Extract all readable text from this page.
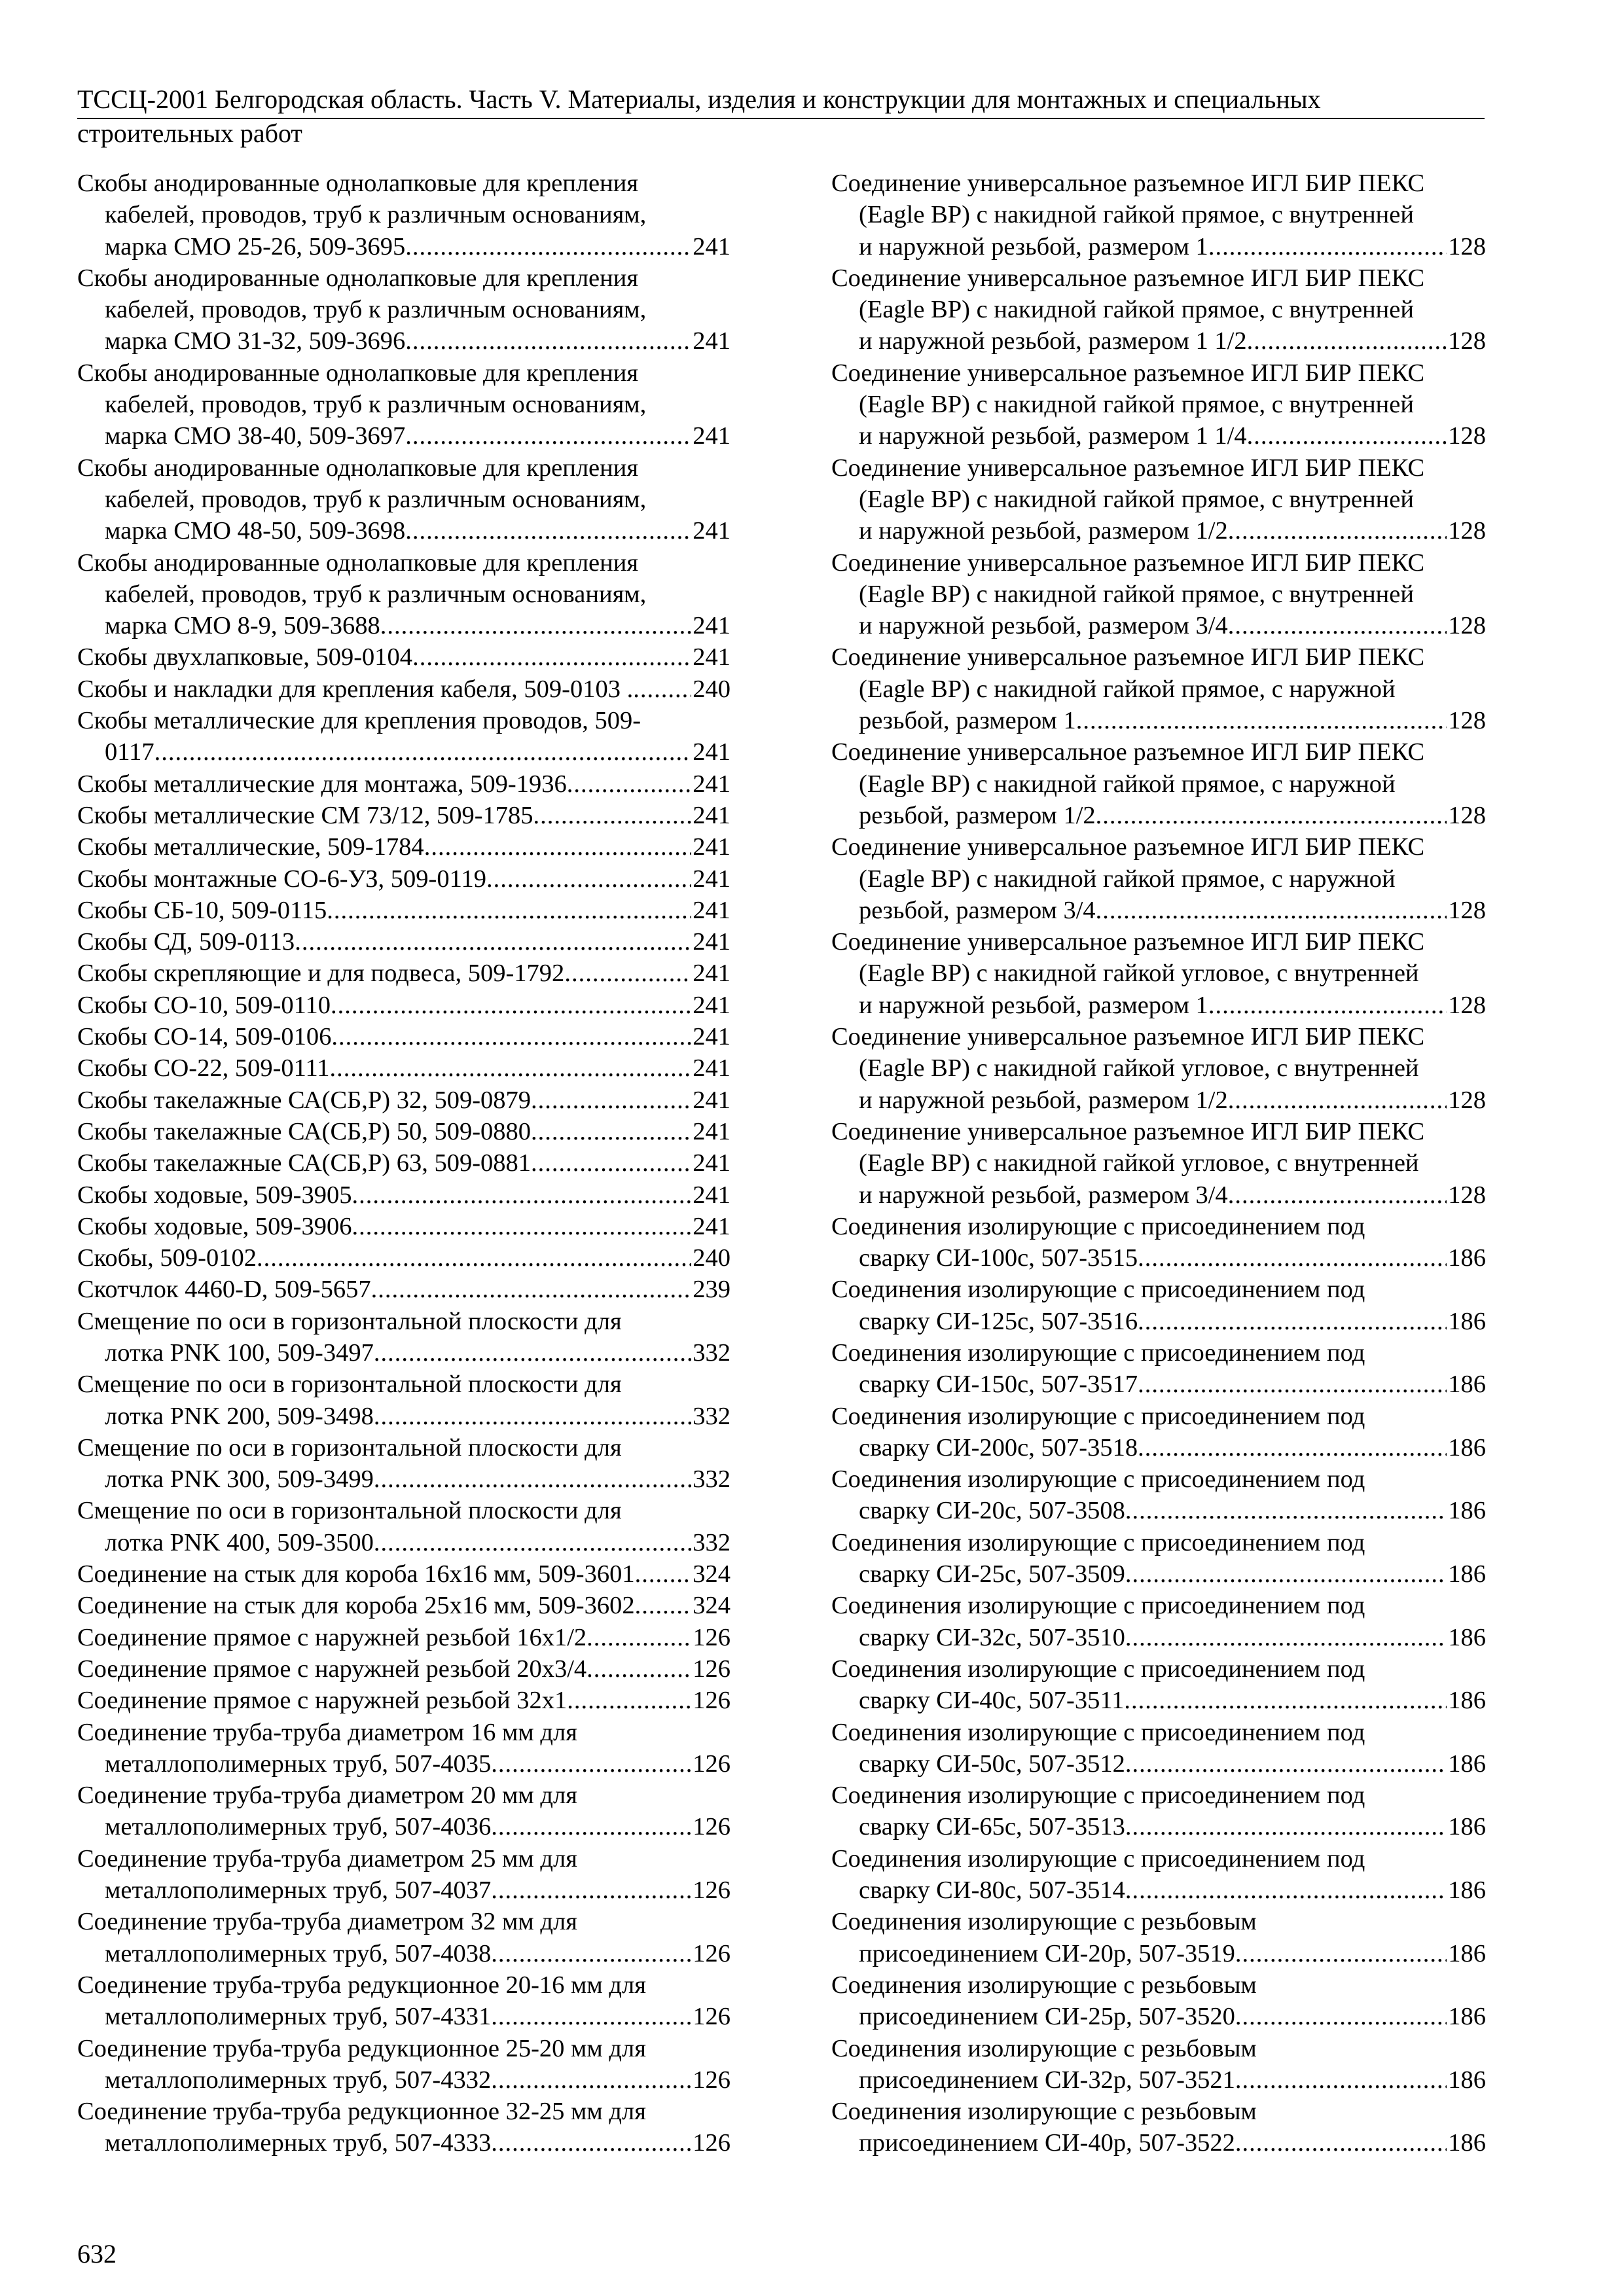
ТССЦ-2001 Белгородская область. Часть V. Материалы, изделия и конструкции для монтажных и специальных
строительных работ
Скобы анодированные однолапковые для крепления
кабелей, проводов, труб к различным основаниям,
марка СМО 25-26, 509-3695 .....	241
Скобы анодированные однолапковые для крепления
кабелей, проводов, труб к различным основаниям,
марка СМО 31-32, 509-3696 .....	241
Скобы анодированные однолапковые для крепления
кабелей, проводов, труб к различным основаниям,
марка СМО 38-40, 509-3697 .....	241
Скобы анодированные однолапковые для крепления
кабелей, проводов, труб к различным основаниям,
марка СМО 48-50, 509-3698 .....	241
Скобы анодированные однолапковые для крепления
кабелей, проводов, труб к различным основаниям,
марка СМО 8-9, 509-3688 .....	241
Скобы двухлапковые, 509-0104 .....	241
Скобы и накладки для крепления кабеля, 509-0103 . ..... 240
Скобы металлические для крепления проводов, 509-
0117 .....	241
Скобы металлические для монтажа, 509-1936 .....	241
Скобы металлические СМ 73/12, 509-1785 .....	241
Скобы металлические, 509-1784 .....	241
Скобы монтажные СО-6-УЗ, 509-0119 .....	241
Скобы СБ-10, 509-0115 .....	241
Скобы СД, 509-0113 .....	241
Скобы скрепляющие и для подвеса, 509-1792 .....	241
Скобы СО-10, 509-0110 .....	241
Скобы СО-14, 509-0106 .....	241
Скобы СО-22, 509-0111 .....	241
Скобы такелажные СА(СБ,Р) 32, 509-0879 .....	241
Скобы такелажные СА(СБ,Р) 50, 509-0880 .....	241
Скобы такелажные СА(СБ,Р) 63, 509-0881 .....	241
Скобы ходовые, 509-3905 .....	241
Скобы ходовые, 509-3906 .....	241
Скобы, 509-0102 .....	240
Скотчлок 4460-D, 509-5657 .....	239
Смещение по оси в горизонтальной плоскости для
лотка PNK 100, 509-3497 .....	332
Смещение по оси в горизонтальной плоскости для
лотка PNK 200, 509-3498 .....	332
Смещение по оси в горизонтальной плоскости для
лотка PNK 300, 509-3499 .....	332
Смещение по оси в горизонтальной плоскости для
лотка PNK 400, 509-3500 .....	332
Соединение на стык для короба 16х16 мм, 509-3601 ..... 324
Соединение на стык для короба 25х16 мм, 509-3602 ..... 324
Соединение прямое с наружней резьбой 16х1/2 .....	126
Соединение прямое с наружней резьбой 20х3/4 .....	126
Соединение прямое с наружней резьбой 32х1 .....	126
Соединение труба-труба диаметром 16 мм для
металлополимерных труб, 507-4035 .....	126
Соединение труба-труба диаметром 20 мм для
металлополимерных труб, 507-4036 .....	126
Соединение труба-труба диаметром 25 мм для
металлополимерных труб, 507-4037 .....	126
Соединение труба-труба диаметром 32 мм для
металлополимерных труб, 507-4038 .....	126
Соединение труба-труба редукционное 20-16 мм для
металлополимерных труб, 507-4331 .....	126
Соединение труба-труба редукционное 25-20 мм для
металлополимерных труб, 507-4332 .....	126
Соединение труба-труба редукционное 32-25 мм для
металлополимерных труб, 507-4333 .....	126
Соединение универсальное разъемное ИГЛ БИР ПЕКС
(Eagle BP) с накидной гайкой прямое, с внутренней
и наружной резьбой, размером 1 .....	128
Соединение универсальное разъемное ИГЛ БИР ПЕКС
(Eagle BP) с накидной гайкой прямое, с внутренней
и наружной резьбой, размером 1 1/2 .....	128
Соединение универсальное разъемное ИГЛ БИР ПЕКС
(Eagle BP) с накидной гайкой прямое, с внутренней
и наружной резьбой, размером 1 1/4 .....	128
Соединение универсальное разъемное ИГЛ БИР ПЕКС
(Eagle BP) с накидной гайкой прямое, с внутренней
и наружной резьбой, размером 1/2 .....	128
Соединение универсальное разъемное ИГЛ БИР ПЕКС
(Eagle BP) с накидной гайкой прямое, с внутренней
и наружной резьбой, размером 3/4 .....	128
Соединение универсальное разъемное ИГЛ БИР ПЕКС
(Eagle BP) с накидной гайкой прямое, с наружной
резьбой, размером 1 .....	128
Соединение универсальное разъемное ИГЛ БИР ПЕКС
(Eagle BP) с накидной гайкой прямое, с наружной
резьбой, размером 1/2 .....	128
Соединение универсальное разъемное ИГЛ БИР ПЕКС
(Eagle BP) с накидной гайкой прямое, с наружной
резьбой, размером 3/4 .....	128
Соединение универсальное разъемное ИГЛ БИР ПЕКС
(Eagle BP) с накидной гайкой угловое, с внутренней
и наружной резьбой, размером 1 .....	128
Соединение универсальное разъемное ИГЛ БИР ПЕКС
(Eagle BP) с накидной гайкой угловое, с внутренней
и наружной резьбой, размером 1/2 .....	128
Соединение универсальное разъемное ИГЛ БИР ПЕКС
(Eagle BP) с накидной гайкой угловое, с внутренней
и наружной резьбой, размером 3/4 .....	128
Соединения изолирующие с присоединением под
сварку СИ-100с, 507-3515 .....	186
Соединения изолирующие с присоединением под
сварку СИ-125с, 507-3516 .....	186
Соединения изолирующие с присоединением под
сварку СИ-150с, 507-3517 .....	186
Соединения изолирующие с присоединением под
сварку СИ-200с, 507-3518 .....	186
Соединения изолирующие с присоединением под
сварку СИ-20с, 507-3508 .....	186
Соединения изолирующие с присоединением под
сварку СИ-25с, 507-3509 .....	186
Соединения изолирующие с присоединением под
сварку СИ-32с, 507-3510 .....	186
Соединения изолирующие с присоединением под
сварку СИ-40с, 507-3511 .....	186
Соединения изолирующие с присоединением под
сварку СИ-50с, 507-3512 .....	186
Соединения изолирующие с присоединением под
сварку СИ-65с, 507-3513 .....	186
Соединения изолирующие с присоединением под
сварку СИ-80с, 507-3514 .....	186
Соединения изолирующие с резьбовым
присоединением СИ-20р, 507-3519 .....	186
Соединения изолирующие с резьбовым
присоединением СИ-25р, 507-3520 .....	186
Соединения изолирующие с резьбовым
присоединением СИ-32р, 507-3521 .....	186
Соединения изолирующие с резьбовым
присоединением СИ-40р, 507-3522 .....	186
632
